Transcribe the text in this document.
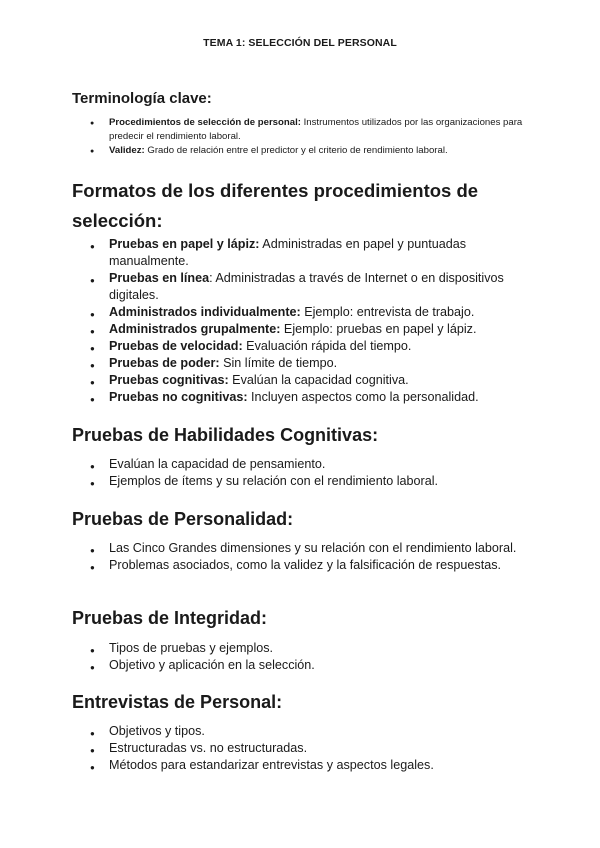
TEMA 1: SELECCIÓN DEL PERSONAL
Terminología clave:
● Procedimientos de selección de personal: Instrumentos utilizados por las organizaciones para predecir el rendimiento laboral.
● Validez: Grado de relación entre el predictor y el criterio de rendimiento laboral.
Formatos de los diferentes procedimientos de selección:
● Pruebas en papel y lápiz: Administradas en papel y puntuadas manualmente.
● Pruebas en línea: Administradas a través de Internet o en dispositivos digitales.
● Administrados individualmente: Ejemplo: entrevista de trabajo.
● Administrados grupalmente: Ejemplo: pruebas en papel y lápiz.
● Pruebas de velocidad: Evaluación rápida del tiempo.
● Pruebas de poder: Sin límite de tiempo.
● Pruebas cognitivas: Evalúan la capacidad cognitiva.
● Pruebas no cognitivas: Incluyen aspectos como la personalidad.
Pruebas de Habilidades Cognitivas:
● Evalúan la capacidad de pensamiento.
● Ejemplos de ítems y su relación con el rendimiento laboral.
Pruebas de Personalidad:
● Las Cinco Grandes dimensiones y su relación con el rendimiento laboral.
● Problemas asociados, como la validez y la falsificación de respuestas.
Pruebas de Integridad:
● Tipos de pruebas y ejemplos.
● Objetivo y aplicación en la selección.
Entrevistas de Personal:
● Objetivos y tipos.
● Estructuradas vs. no estructuradas.
● Métodos para estandarizar entrevistas y aspectos legales.
